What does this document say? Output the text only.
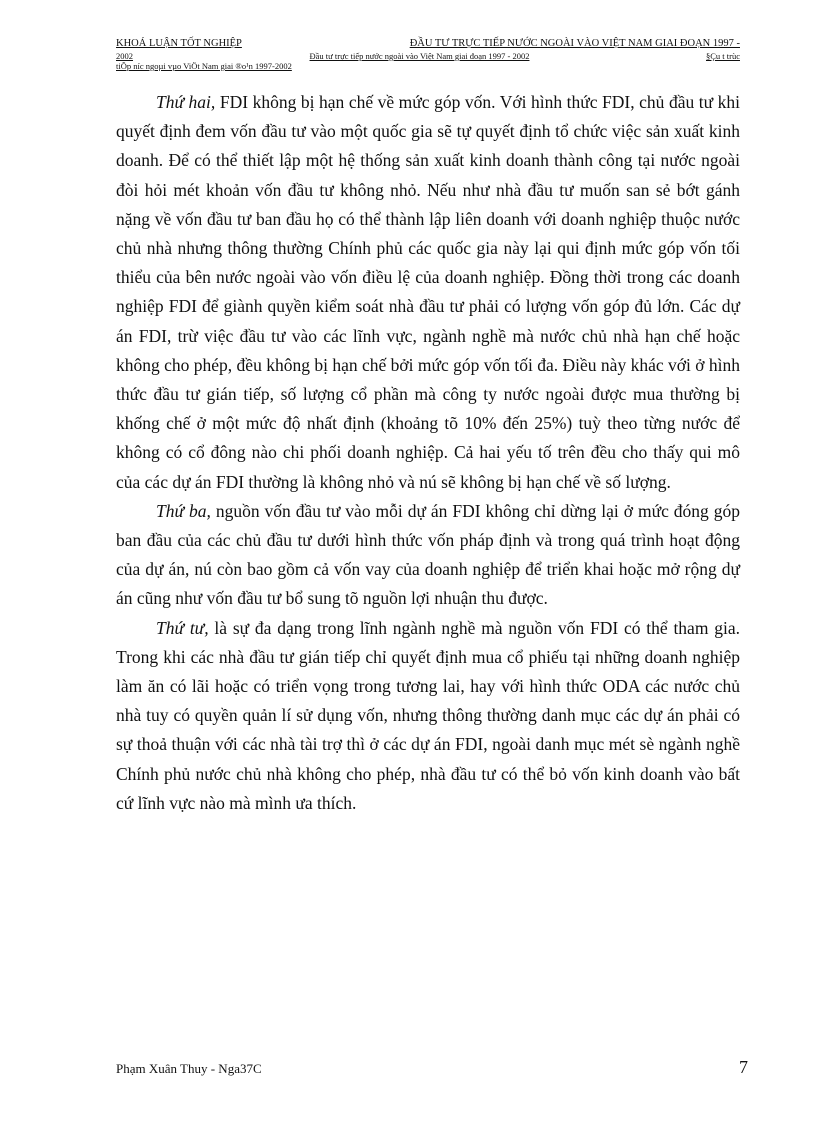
KHOÁ LUẬN TỐT NGHIỆP	ĐẦU TƯ TRỰC TIẾP NƯỚC NGOÀI VÀO VIỆT NAM GIAI ĐOẠN 1997 -
2002	Đầu tư trực tiếp nước ngoài vào Việt Nam giai đoạn 1997 - 2002	§Çu t trùc
tiÕp níc ngoµi vµo ViÖt Nam giai ®o¹n 1997-2002

Thứ hai, FDI không bị hạn chế về mức góp vốn. Với hình thức FDI, chủ đầu tư khi quyết định đem vốn đầu tư vào một quốc gia sẽ tự quyết định tổ chức việc sản xuất kinh doanh. Để có thể thiết lập một hệ thống sản xuất kinh doanh thành công tại nước ngoài đòi hỏi mét khoản vốn đầu tư không nhỏ. Nếu như nhà đầu tư muốn san sẻ bớt gánh nặng về vốn đầu tư ban đầu họ có thể thành lập liên doanh với doanh nghiệp thuộc nước chủ nhà nhưng thông thường Chính phủ các quốc gia này lại qui định mức góp vốn tối thiểu của bên nước ngoài vào vốn điều lệ của doanh nghiệp. Đồng thời trong các doanh nghiệp FDI để giành quyền kiểm soát nhà đầu tư phải có lượng vốn góp đủ lớn. Các dự án FDI, trừ việc đầu tư vào các lĩnh vực, ngành nghề mà nước chủ nhà hạn chế hoặc không cho phép, đều không bị hạn chế bởi mức góp vốn tối đa. Điều này khác với ở hình thức đầu tư gián tiếp, số lượng cổ phần mà công ty nước ngoài được mua thường bị khống chế ở một mức độ nhất định (khoảng tõ 10% đến 25%) tuỳ theo từng nước để không có cổ đông nào chi phối doanh nghiệp. Cả hai yếu tố trên đều cho thấy qui mô của các dự án FDI thường là không nhỏ và nú sẽ không bị hạn chế về số lượng.

Thứ ba, nguồn vốn đầu tư vào mỗi dự án FDI không chỉ dừng lại ở mức đóng góp ban đầu của các chủ đầu tư dưới hình thức vốn pháp định và trong quá trình hoạt động của dự án, nú còn bao gồm cả vốn vay của doanh nghiệp để triển khai hoặc mở rộng dự án cũng như vốn đầu tư bổ sung tõ nguồn lợi nhuận thu được.

Thứ tư, là sự đa dạng trong lĩnh ngành nghề mà nguồn vốn FDI có thể tham gia. Trong khi các nhà đầu tư gián tiếp chỉ quyết định mua cổ phiếu tại những doanh nghiệp làm ăn có lãi hoặc có triển vọng trong tương lai, hay với hình thức ODA các nước chủ nhà tuy có quyền quản lí sử dụng vốn, nhưng thông thường danh mục các dự án phải có sự thoả thuận với các nhà tài trợ thì ở các dự án FDI, ngoài danh mục mét sè ngành nghề Chính phủ nước chủ nhà không cho phép, nhà đầu tư có thể bỏ vốn kinh doanh vào bất cứ lĩnh vực nào mà mình ưa thích.

Phạm Xuân Thuy - Nga37C	7
